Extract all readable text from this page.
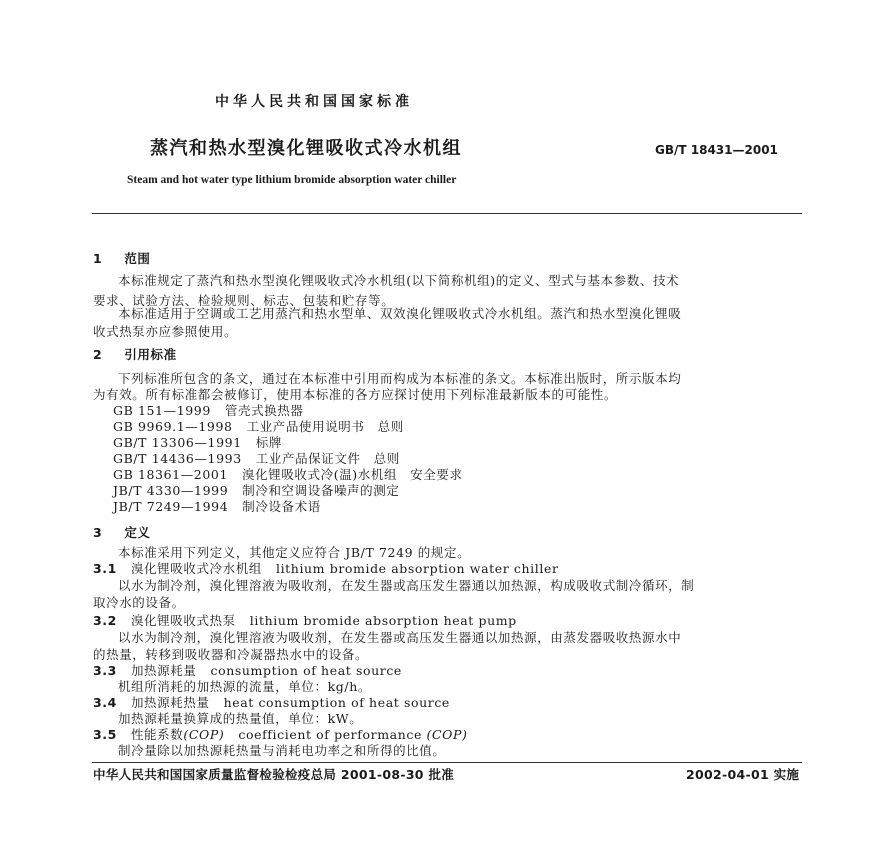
中华人民共和国国家标准
蒸汽和热水型溴化锂吸收式冷水机组	GB/T 18431—2001
Steam and hot water type lithium bromide absorption water chiller
1 范围
本标准规定了蒸汽和热水型溴化锂吸收式冷水机组(以下简称机组)的定义、型式与基本参数、技术
要求、试验方法、检验规则、标志、包装和贮存等。
本标准适用于空调或工艺用蒸汽和热水型单、双效溴化锂吸收式冷水机组。蒸汽和热水型溴化锂吸
收式热泵亦应参照使用。
2 引用标准
下列标准所包含的条文，通过在本标准中引用而构成为本标准的条文。本标准出版时，所示版本均
为有效。所有标准都会被修订，使用本标准的各方应探讨使用下列标准最新版本的可能性。
GB 151—1999 管壳式换热器
GB 9969.1—1998 工业产品使用说明书　总则
GB/T 13306—1991 标牌
GB/T 14436—1993 工业产品保证文件　总则
GB 18361—2001 溴化锂吸收式冷(温)水机组　安全要求
JB/T 4330—1999 制冷和空调设备噪声的测定
JB/T 7249—1994 制冷设备术语
3 定义
本标准采用下列定义，其他定义应符合 JB/T 7249 的规定。
3.1 溴化锂吸收式冷水机组 lithium bromide absorption water chiller
以水为制冷剂，溴化锂溶液为吸收剂，在发生器或高压发生器通以加热源，构成吸收式制冷循环，制
取冷水的设备。
3.2 溴化锂吸收式热泵 lithium bromide absorption heat pump
以水为制冷剂，溴化锂溶液为吸收剂，在发生器或高压发生器通以加热源，由蒸发器吸收热源水中
的热量，转移到吸收器和冷凝器热水中的设备。
3.3 加热源耗量 consumption of heat source
机组所消耗的加热源的流量，单位：kg/h。
3.4 加热源耗热量 heat consumption of heat source
加热源耗量换算成的热量值，单位：kW。
3.5 性能系数(COP) coefficient of performance (COP)
制冷量除以加热源耗热量与消耗电功率之和所得的比值。
中华人民共和国国家质量监督检验检疫总局 2001-08-30 批准	2002-04-01 实施
